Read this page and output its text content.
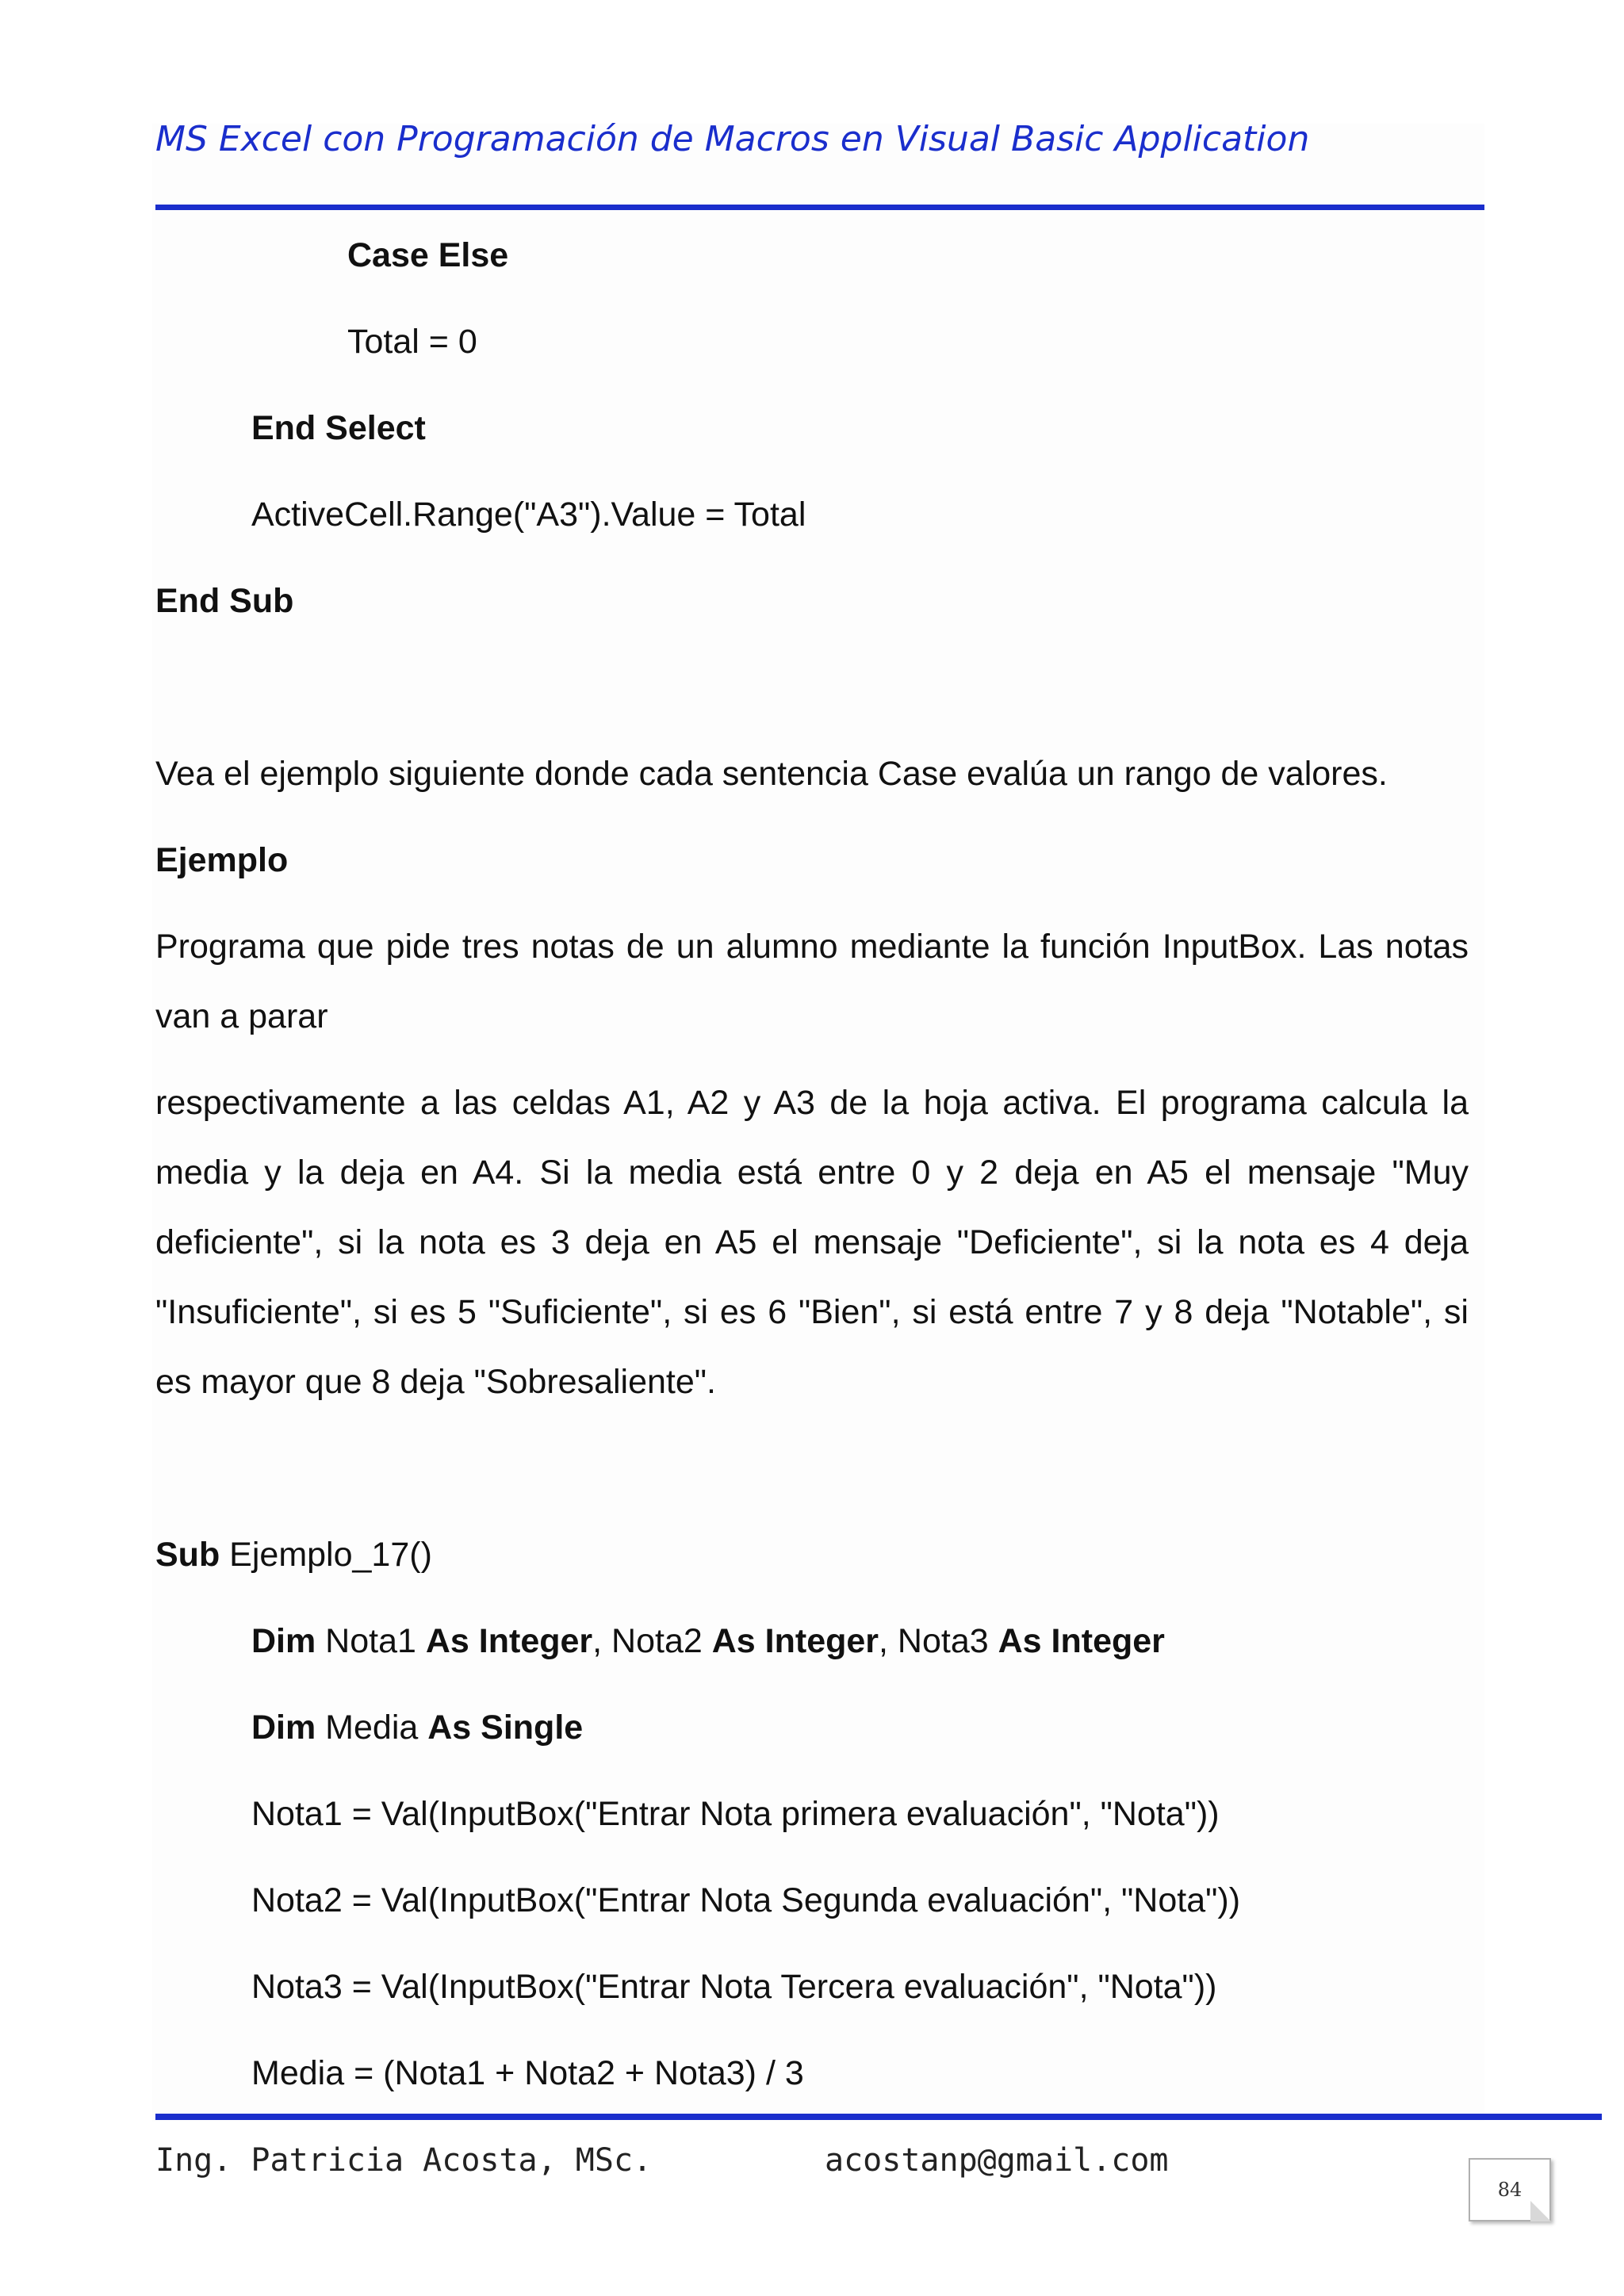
MS Excel con Programación de Macros en Visual Basic Application
Case Else
Total = 0
End Select
ActiveCell.Range("A3").Value = Total
End Sub
Vea el ejemplo siguiente donde cada sentencia Case evalúa un rango de valores.
Ejemplo
Programa que pide tres notas de un alumno mediante la función InputBox. Las notas
van a parar
respectivamente a las celdas A1, A2 y A3 de la hoja activa. El programa calcula la
media y la deja en A4. Si la media está entre 0 y 2 deja en A5 el mensaje "Muy
deficiente", si la nota es 3 deja en A5 el mensaje "Deficiente", si la nota es 4 deja
"Insuficiente", si es 5 "Suficiente", si es 6 "Bien", si está entre 7 y 8 deja "Notable", si
es mayor que 8 deja "Sobresaliente".
Sub Ejemplo_17()
Dim Nota1 As Integer, Nota2 As Integer, Nota3 As Integer
Dim Media As Single
Nota1 = Val(InputBox("Entrar Nota primera evaluación", "Nota"))
Nota2 = Val(InputBox("Entrar Nota Segunda evaluación", "Nota"))
Nota3 = Val(InputBox("Entrar Nota Tercera evaluación", "Nota"))
Media = (Nota1 + Nota2 + Nota3) / 3
Ing. Patricia Acosta, MSc.	acostanp@gmail.com
84
